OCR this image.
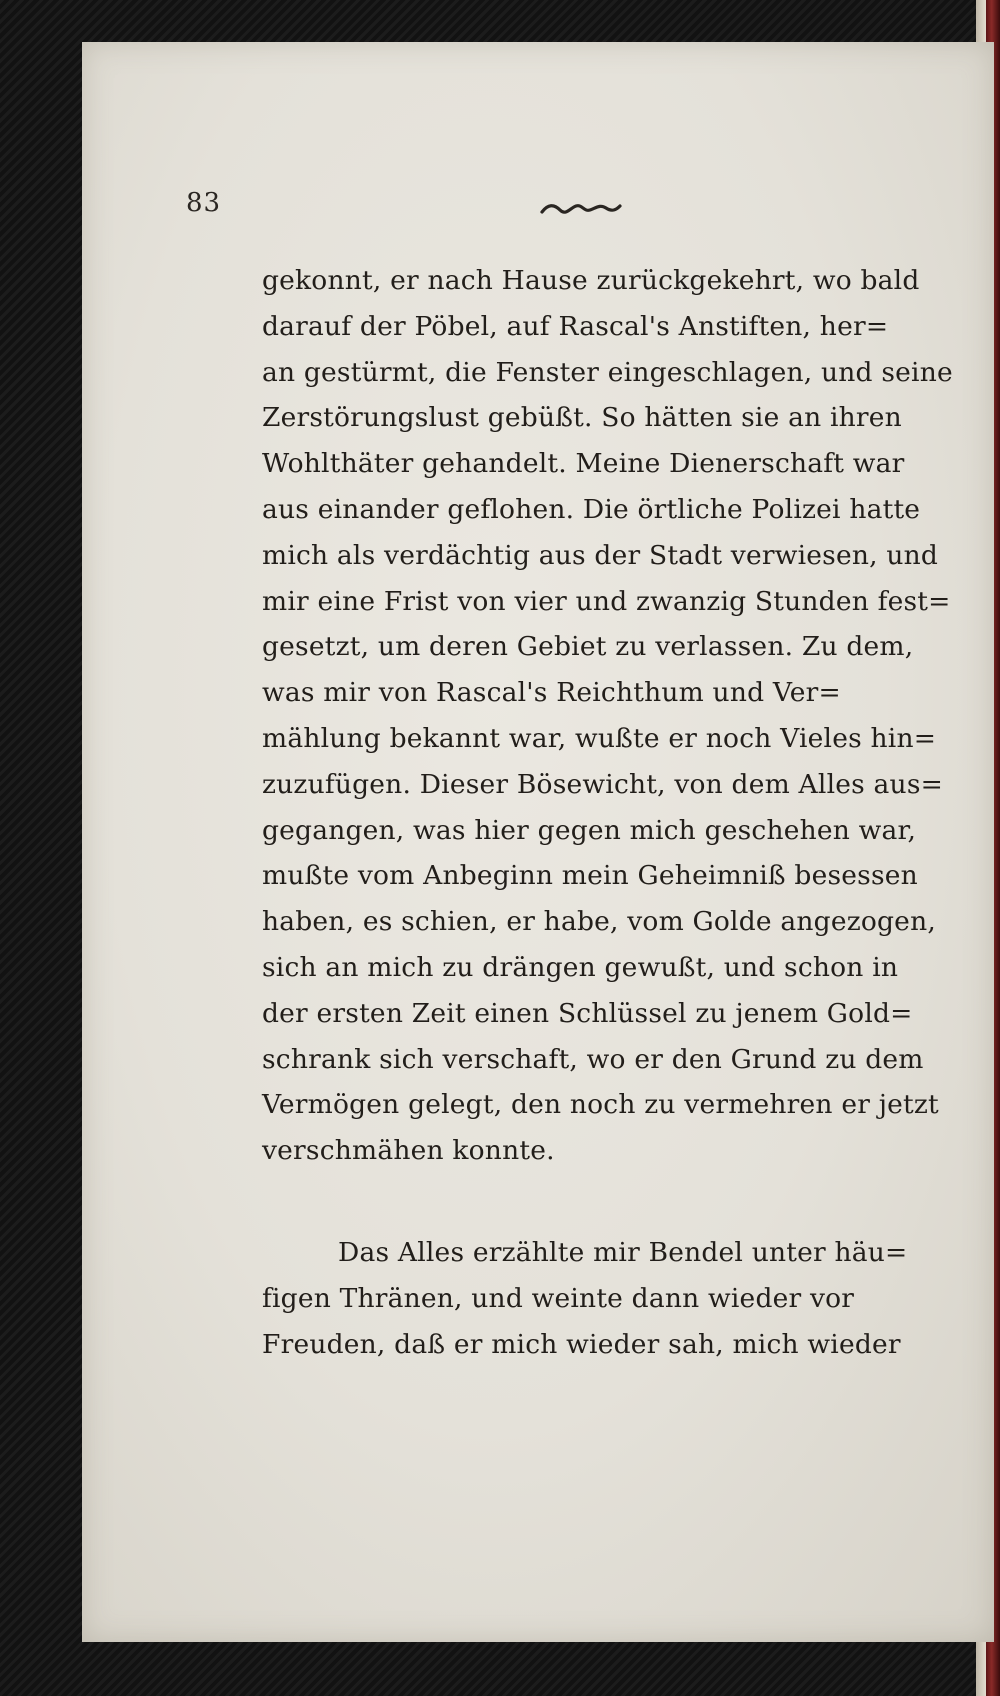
83
gekonnt, er nach Hause zurückgekehrt, wo bald
darauf der Pöbel, auf Rascal's Anstiften, her=
an gestürmt, die Fenster eingeschlagen, und seine
Zerstörungslust gebüßt. So hätten sie an ihren
Wohlthäter gehandelt. Meine Dienerschaft war
aus einander geflohen. Die örtliche Polizei hatte
mich als verdächtig aus der Stadt verwiesen, und
mir eine Frist von vier und zwanzig Stunden fest=
gesetzt, um deren Gebiet zu verlassen. Zu dem,
was mir von Rascal's Reichthum und Ver=
mählung bekannt war, wußte er noch Vieles hin=
zuzufügen. Dieser Bösewicht, von dem Alles aus=
gegangen, was hier gegen mich geschehen war,
mußte vom Anbeginn mein Geheimniß besessen
haben, es schien, er habe, vom Golde angezogen,
sich an mich zu drängen gewußt, und schon in
der ersten Zeit einen Schlüssel zu jenem Gold=
schrank sich verschaft, wo er den Grund zu dem
Vermögen gelegt, den noch zu vermehren er jetzt
verschmähen konnte.
Das Alles erzählte mir Bendel unter häu=
figen Thränen, und weinte dann wieder vor
Freuden, daß er mich wieder sah, mich wieder
